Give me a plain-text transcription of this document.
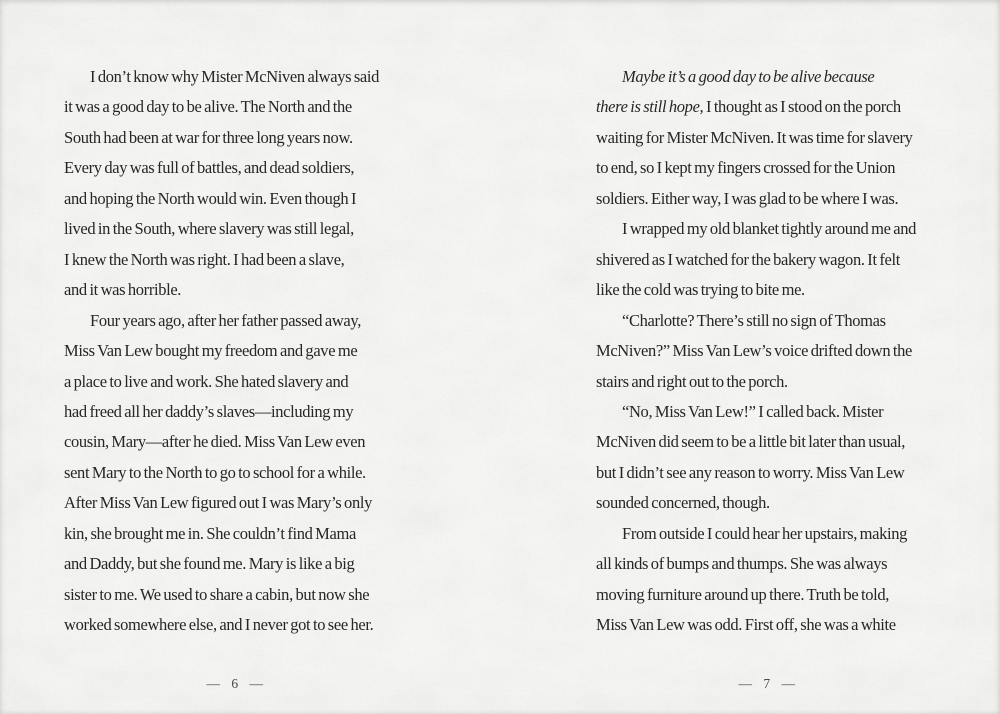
I don’t know why Mister McNiven always said
it was a good day to be alive. The North and the
South had been at war for three long years now.
Every day was full of battles, and dead soldiers,
and hoping the North would win. Even though I
lived in the South, where slavery was still legal,
I knew the North was right. I had been a slave,
and it was horrible.
Four years ago, after her father passed away,
Miss Van Lew bought my freedom and gave me
a place to live and work. She hated slavery and
had freed all her daddy’s slaves—including my
cousin, Mary—after he died. Miss Van Lew even
sent Mary to the North to go to school for a while.
After Miss Van Lew figured out I was Mary’s only
kin, she brought me in. She couldn’t find Mama
and Daddy, but she found me. Mary is like a big
sister to me. We used to share a cabin, but now she
worked somewhere else, and I never got to see her.
Maybe it’s a good day to be alive because
there is still hope, I thought as I stood on the porch
waiting for Mister McNiven. It was time for slavery
to end, so I kept my fingers crossed for the Union
soldiers. Either way, I was glad to be where I was.
I wrapped my old blanket tightly around me and
shivered as I watched for the bakery wagon. It felt
like the cold was trying to bite me.
“Charlotte? There’s still no sign of Thomas
McNiven?” Miss Van Lew’s voice drifted down the
stairs and right out to the porch.
“No, Miss Van Lew!” I called back. Mister
McNiven did seem to be a little bit later than usual,
but I didn’t see any reason to worry. Miss Van Lew
sounded concerned, though.
From outside I could hear her upstairs, making
all kinds of bumps and thumps. She was always
moving furniture around up there. Truth be told,
Miss Van Lew was odd. First off, she was a white
— 6 —	— 7 —
